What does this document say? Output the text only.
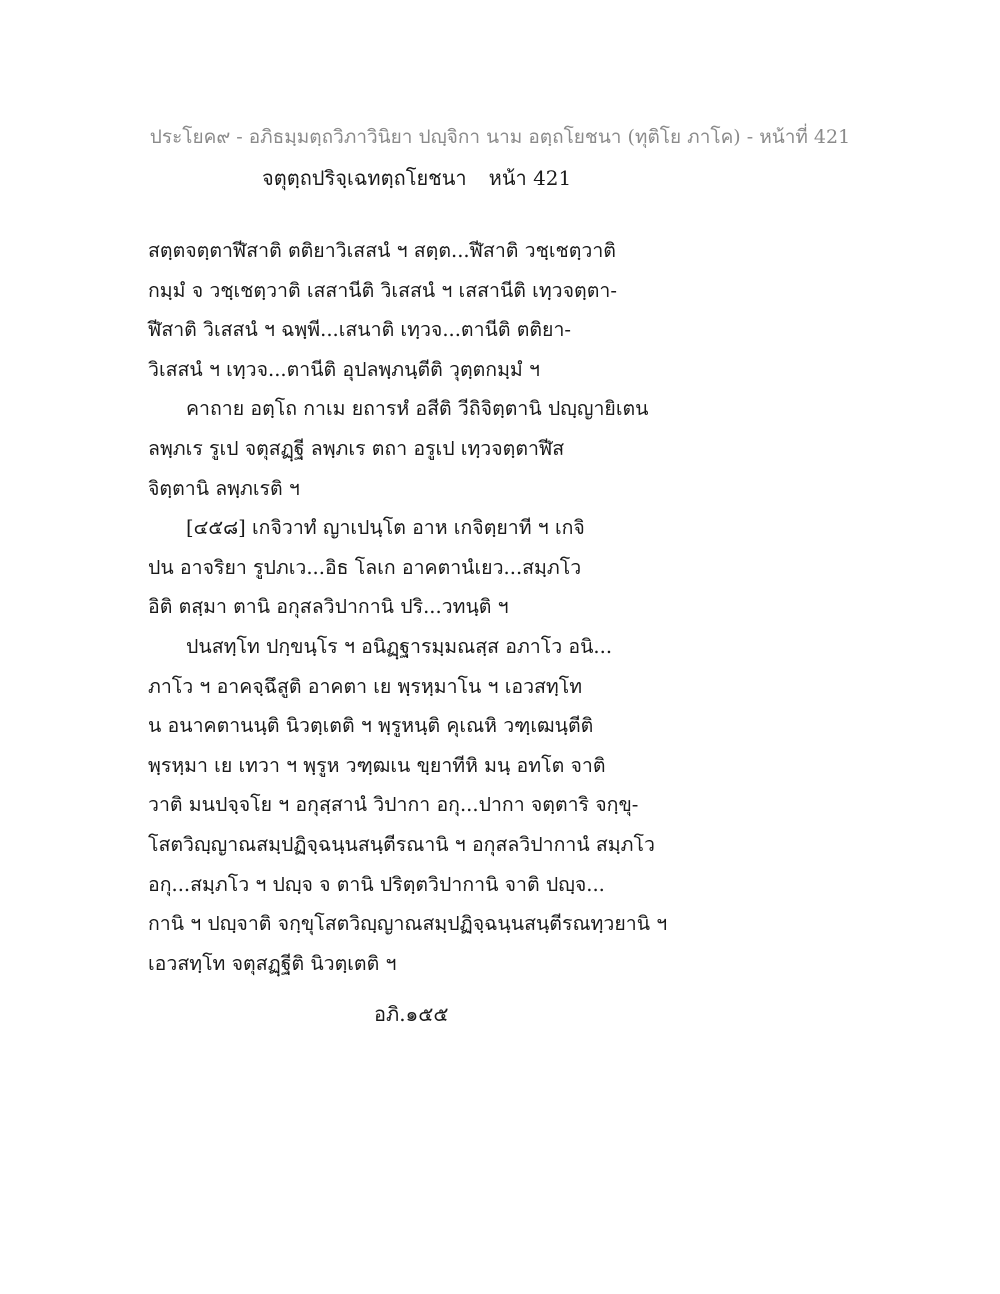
ประโยค๙ - อภิธมฺมตฺถวิภาวินิยา ปญฺจิกา นาม อตฺถโยชนา (ทุติโย ภาโค) - หน้าที่ 421
จตุตฺถปริจฺเฉทตฺถโยชนา หน้า 421
สตฺตจตฺตาฬีสาติ ตติยาวิเสสนํ ฯ สตฺต...ฬีสาติ วชฺเชตฺวาติ
กมฺมํ จ วชฺเชตฺวาติ เสสานีติ วิเสสนํ ฯ เสสานีติ เทฺวจตฺตา-
ฬีสาติ วิเสสนํ ฯ ฉพฺพี...เสนาติ เทฺวจ...ตานีติ ตติยา-
วิเสสนํ ฯ เทฺวจ...ตานีติ อุปลพฺภนฺตีติ วุตฺตกมฺมํ ฯ
คาถาย อตฺโถ กาเม ยถารหํ อสีติ วีถิจิตฺตานิ ปญฺญายิเตน
ลพฺภเร รูเป จตุสฏฺฐี ลพฺภเร ตถา อรูเป เทฺวจตฺตาฬีส
จิตฺตานิ ลพฺภเรติ ฯ
[๔๕๘] เกจิวาทํ ญาเปนฺโต อาห เกจิตฺยาที ฯ เกจิ
ปน อาจริยา รูปภเว...อิธ โลเก อาคตานํเยว...สมฺภโว
อิติ ตสฺมา ตานิ อกุสลวิปากานิ ปริ...วทนฺติ ฯ
ปนสทฺโท ปกฺขนฺโร ฯ อนิฏฺฐารมฺมณสฺส อภาโว อนิ...
ภาโว ฯ อาคจฺฉึสูติ อาคตา เย พฺรหฺมาโน ฯ เอวสทฺโท
น อนาคตานนฺติ นิวตฺเตติ ฯ พฺรูหนฺติ คุเณหิ วฑฺเฒนฺตีติ
พฺรหฺมา เย เทวา ฯ พฺรูห วฑฺฒเน ขฺยาทีหิ มนฺ อทโต จาติ
วาติ มนปจฺจโย ฯ อกุสฺสานํ วิปากา อกุ...ปากา จตฺตาริ จกฺขุ-
โสตวิญฺญาณสมฺปฏิจฺฉนฺนสนฺตีรณานิ ฯ อกุสลวิปากานํ สมฺภโว
อกุ...สมฺภโว ฯ ปญฺจ จ ตานิ ปริตฺตวิปากานิ จาติ ปญฺจ...
กานิ ฯ ปญฺจาติ จกฺขุโสตวิญฺญาณสมฺปฏิจฺฉนฺนสนฺตีรณทฺวยานิ ฯ
เอวสทฺโท จตุสฏฺฐีติ นิวตฺเตติ ฯ
อภิ.๑๕๕
